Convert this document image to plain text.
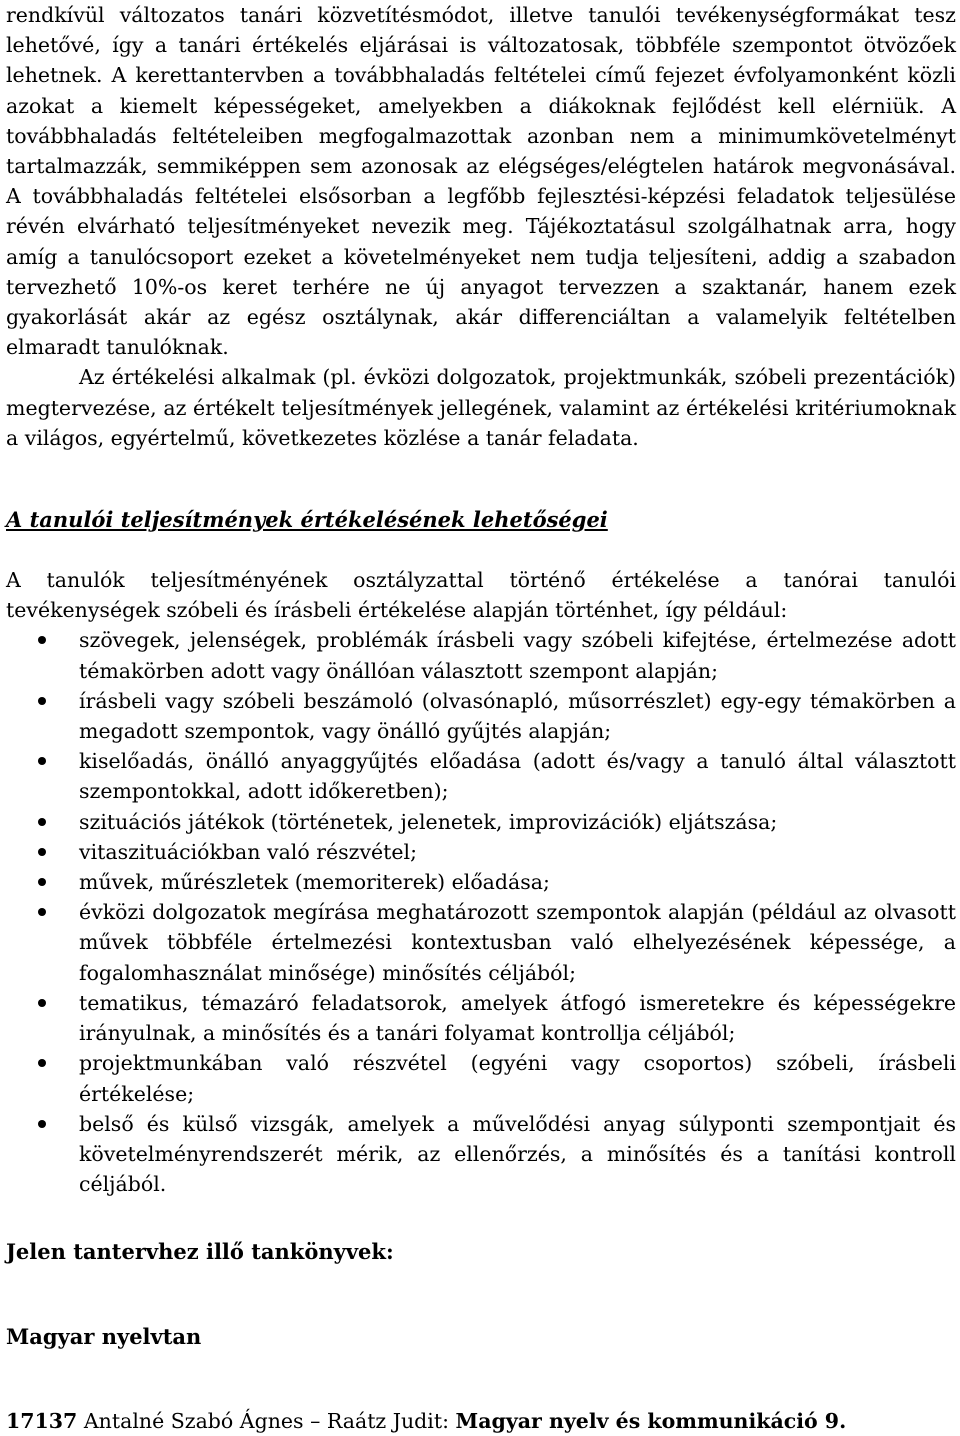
rendkívül változatos tanári közvetítésmódot, illetve tanulói tevékenységformákat tesz lehetővé, így a tanári értékelés eljárásai is változatosak, többféle szempontot ötvözőek lehetnek. A kerettantervben a továbbhaladás feltételei című fejezet évfolyamonként közli azokat a kiemelt képességeket, amelyekben a diákoknak fejlődést kell elérniük. A továbbhaladás feltételeiben megfogalmazottak azonban nem a minimumkövetelményt tartalmazzák, semmiképpen sem azonosak az elégséges/elégtelen határok megvonásával. A továbbhaladás feltételei elsősorban a legfőbb fejlesztési-képzési feladatok teljesülése révén elvárható teljesítményeket nevezik meg. Tájékoztatásul szolgálhatnak arra, hogy amíg a tanulócsoport ezeket a követelményeket nem tudja teljesíteni, addig a szabadon tervezhető 10%-os keret terhére ne új anyagot tervezzen a szaktanár, hanem ezek gyakorlását akár az egész osztálynak, akár differenciáltan a valamelyik feltételben elmaradt tanulóknak.

Az értékelési alkalmak (pl. évközi dolgozatok, projektmunkák, szóbeli prezentációk) megtervezése, az értékelt teljesítmények jellegének, valamint az értékelési kritériumoknak a világos, egyértelmű, következetes közlése a tanár feladata.

A tanulói teljesítmények értékelésének lehetőségei

A tanulók teljesítményének osztályzattal történő értékelése a tanórai tanulói tevékenységek szóbeli és írásbeli értékelése alapján történhet, így például:

szövegek, jelenségek, problémák írásbeli vagy szóbeli kifejtése, értelmezése adott témakörben adott vagy önállóan választott szempont alapján;
írásbeli vagy szóbeli beszámoló (olvasónapló, műsorrészlet) egy-egy témakörben a megadott szempontok, vagy önálló gyűjtés alapján;
kiselőadás, önálló anyaggyűjtés előadása (adott és/vagy a tanuló által választott szempontokkal, adott időkeretben);
szituációs játékok (történetek, jelenetek, improvizációk) eljátszása;
vitaszituációkban való részvétel;
művek, műrészletek (memoriterek) előadása;
évközi dolgozatok megírása meghatározott szempontok alapján (például az olvasott művek többféle értelmezési kontextusban való elhelyezésének képessége, a fogalomhasználat minősége) minősítés céljából;
tematikus, témazáró feladatsorok, amelyek átfogó ismeretekre és képességekre irányulnak, a minősítés és a tanári folyamat kontrollja céljából;
projektmunkában való részvétel (egyéni vagy csoportos) szóbeli, írásbeli értékelése;
belső és külső vizsgák, amelyek a művelődési anyag súlyponti szempontjait és követelményrendszerét mérik, az ellenőrzés, a minősítés és a tanítási kontroll céljából.

Jelen tantervhez illő tankönyvek:

Magyar nyelvtan

17137 Antalné Szabó Ágnes – Raátz Judit: Magyar nyelv és kommunikáció 9.
